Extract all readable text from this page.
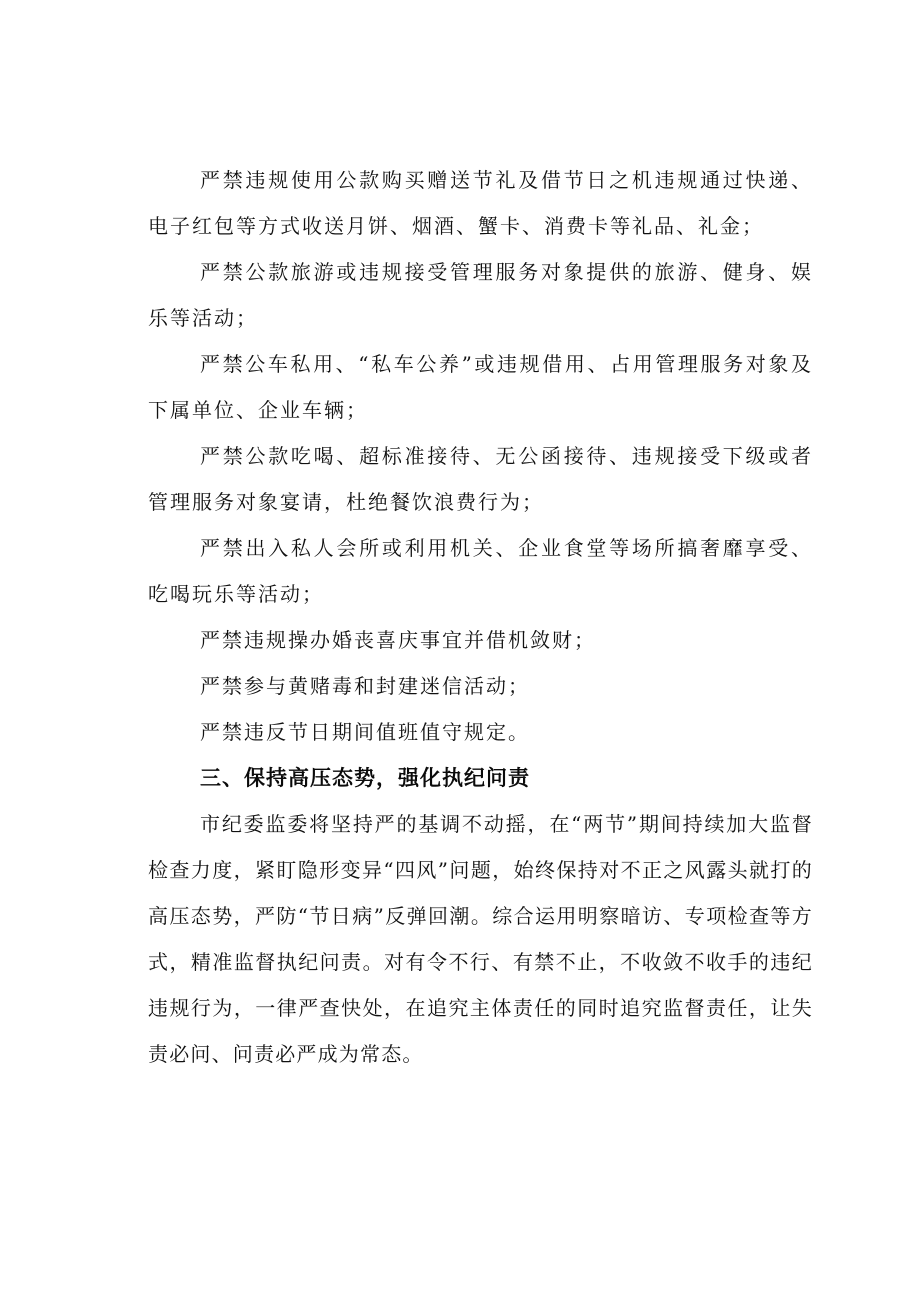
严禁违规使用公款购买赠送节礼及借节日之机违规通过快递、电子红包等方式收送月饼、烟酒、蟹卡、消费卡等礼品、礼金；

严禁公款旅游或违规接受管理服务对象提供的旅游、健身、娱乐等活动；

严禁公车私用、“私车公养”或违规借用、占用管理服务对象及下属单位、企业车辆；

严禁公款吃喝、超标准接待、无公函接待、违规接受下级或者管理服务对象宴请，杜绝餐饮浪费行为；

严禁出入私人会所或利用机关、企业食堂等场所搞奢靡享受、吃喝玩乐等活动；

严禁违规操办婚丧喜庆事宜并借机敛财；

严禁参与黄赌毒和封建迷信活动；

严禁违反节日期间值班值守规定。

三、保持高压态势，强化执纪问责

市纪委监委将坚持严的基调不动摇，在“两节”期间持续加大监督检查力度，紧盯隐形变异“四风”问题，始终保持对不正之风露头就打的高压态势，严防“节日病”反弹回潮。综合运用明察暗访、专项检查等方式，精准监督执纪问责。对有令不行、有禁不止，不收敛不收手的违纪违规行为，一律严查快处，在追究主体责任的同时追究监督责任，让失责必问、问责必严成为常态。
